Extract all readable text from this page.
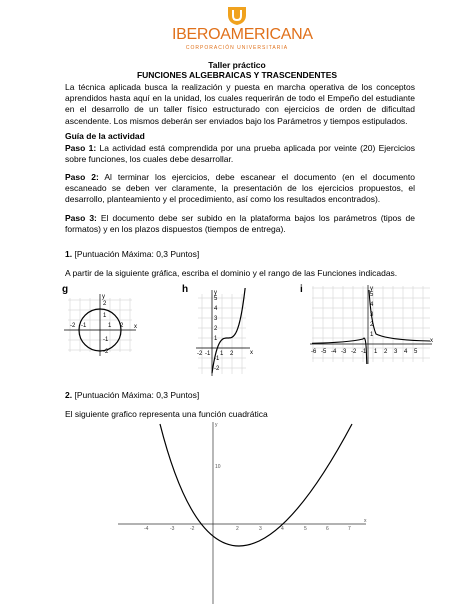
IBEROAMERICANA
CORPORACIÓN UNIVERSITARIA
Taller práctico
FUNCIONES ALGEBRAICAS Y TRASCENDENTES
La técnica aplicada busca la realización y puesta en marcha operativa de los conceptos aprendidos hasta aquí en la unidad, los cuales requerirán de todo el Empeño del estudiante en el desarrollo de un taller físico estructurado con ejercicios de orden de dificultad ascendente. Los mismos deberán ser enviados bajo los Parámetros y tiempos estipulados.
Guía de la actividad
Paso 1: La actividad está comprendida por una prueba aplicada por veinte (20) Ejercicios sobre funciones, los cuales debe desarrollar.
Paso 2: Al terminar los ejercicios, debe escanear el documento (en el documento escaneado se deben ver claramente, la presentación de los ejercicios propuestos, el desarrollo, planteamiento y el procedimiento, así como los resultados encontrados).
Paso 3: El documento debe ser subido en la plataforma bajos los parámetros (tipos de formatos) y en los plazos dispuestos (tiempos de entrega).
1. [Puntuación Máxima: 0,3 Puntos]
A partir de la siguiente gráfica, escriba el dominio y el rango de las Funciones indicadas.
g	h	i
y
x
2
1
-2 -1	1 2
-1
-2
y
x
5
4
3
2
1
-2 -1 1 2
-1
-2
y
x
5
4
3
2
1
-6 -5 -4 -3 -2 -1 1 2 3 4 5
2. [Puntuación Máxima: 0,3 Puntos]
El siguiente grafico representa una función cuadrática
y
x
10
-4	-3	-2	2	3	4	5	6	7
